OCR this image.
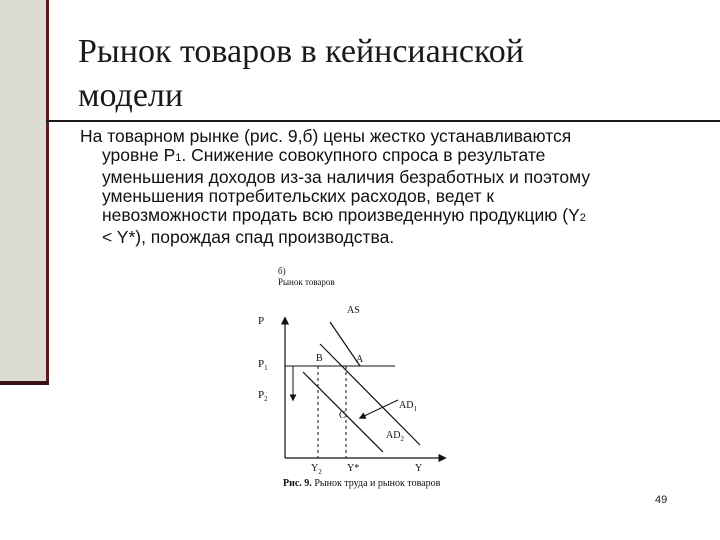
Рынок товаров в кейнсианской
модели
На товарном рынке (рис. 9,б) цены жестко устанавливаются
уровне P1. Снижение совокупного спроса в результате
уменьшения доходов из-за наличия безработных и поэтому
уменьшения потребительских расходов, ведет к
невозможности продать всю произведенную продукцию (Y2
< Y*), порождая спад производства.
б)
Рынок товаров
P
$P_1$
$P_2$
AS
B	A
C
$AD_1$
$AD_2$
$Y_2$	Y*	Y
Рис. 9. Рынок труда и рынок товаров
49
